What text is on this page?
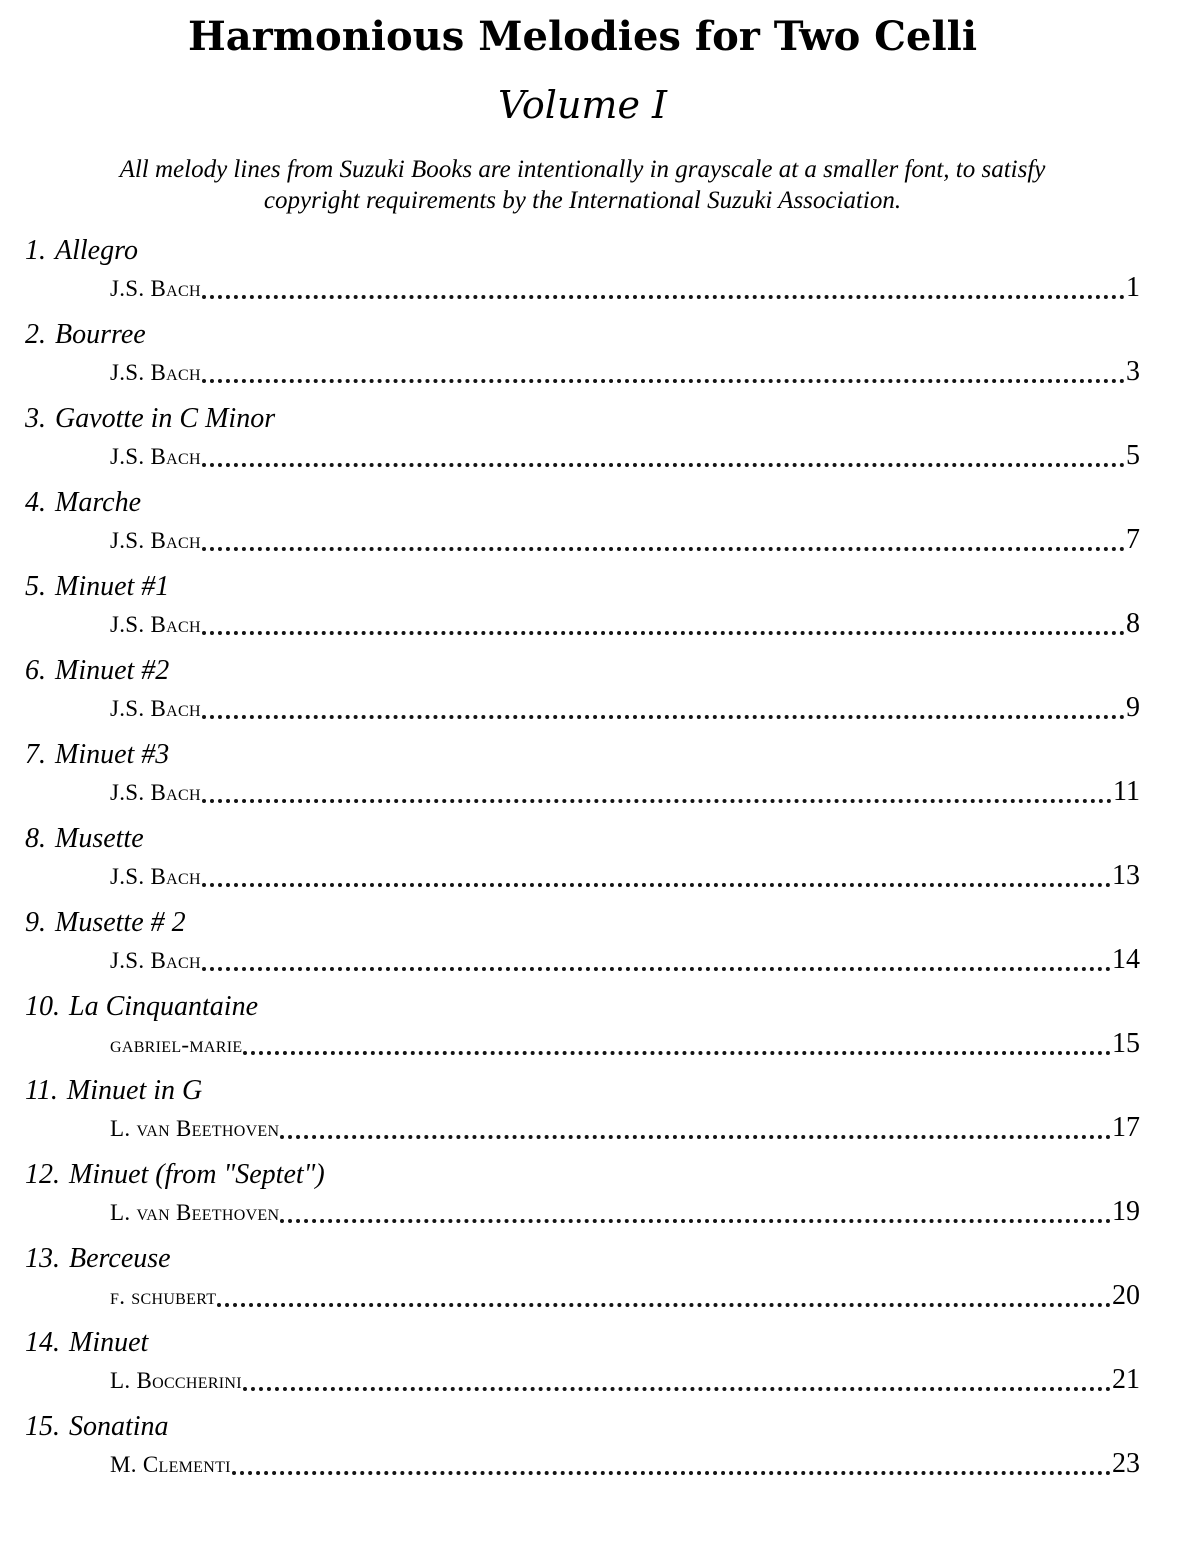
Harmonious Melodies for Two Celli
Volume I
All melody lines from Suzuki Books are intentionally in grayscale at a smaller font, to satisfy
copyright requirements by the International Suzuki Association.
1. Allegro
J.S. Bach	1
2. Bourree
J.S. Bach	3
3. Gavotte in C Minor
J.S. Bach	5
4. Marche
J.S. Bach	7
5. Minuet #1
J.S. Bach	8
6. Minuet #2
J.S. Bach	9
7. Minuet #3
J.S. Bach	11
8. Musette
J.S. Bach	13
9. Musette # 2
J.S. Bach	14
10. La Cinquantaine
gabriel-marie	15
11. Minuet in G
L. van Beethoven	17
12. Minuet (from "Septet")
L. van Beethoven	19
13. Berceuse
f. schubert	20
14. Minuet
L. Boccherini	21
15. Sonatina
M. Clementi	23
